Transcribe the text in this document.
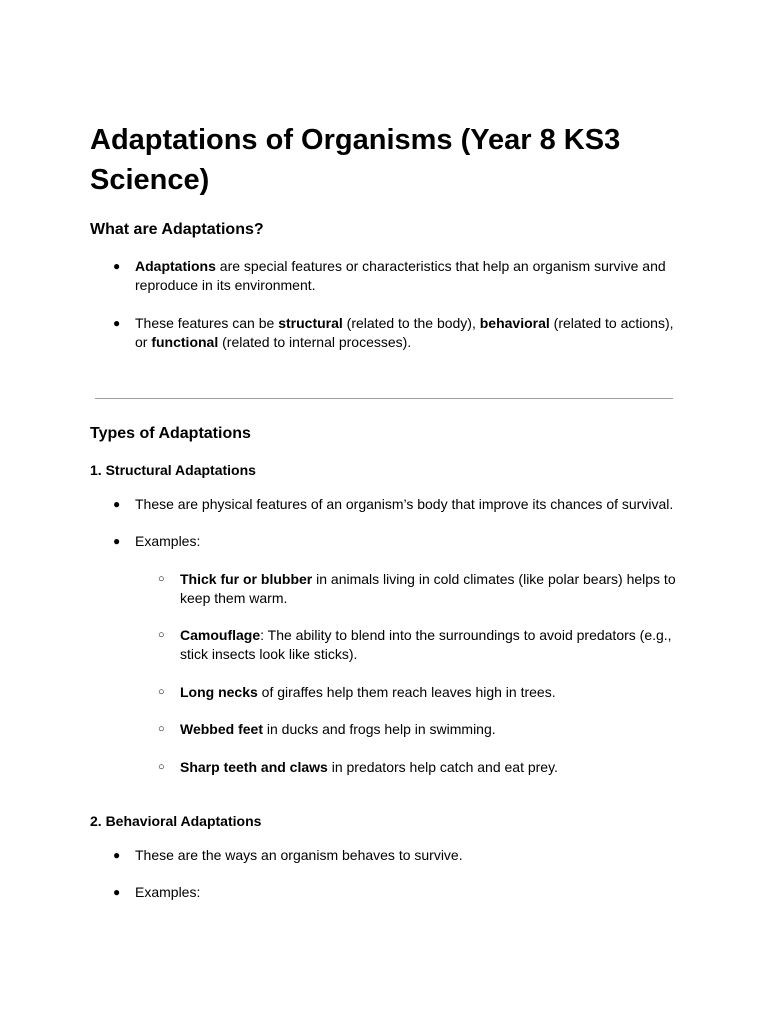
Adaptations of Organisms (Year 8 KS3 Science)
What are Adaptations?
● Adaptations are special features or characteristics that help an organism survive and reproduce in its environment.
● These features can be structural (related to the body), behavioral (related to actions), or functional (related to internal processes).
Types of Adaptations
1. Structural Adaptations
● These are physical features of an organism’s body that improve its chances of survival.
● Examples:
○ Thick fur or blubber in animals living in cold climates (like polar bears) helps to keep them warm.
○ Camouflage: The ability to blend into the surroundings to avoid predators (e.g., stick insects look like sticks).
○ Long necks of giraffes help them reach leaves high in trees.
○ Webbed feet in ducks and frogs help in swimming.
○ Sharp teeth and claws in predators help catch and eat prey.
2. Behavioral Adaptations
● These are the ways an organism behaves to survive.
● Examples:
